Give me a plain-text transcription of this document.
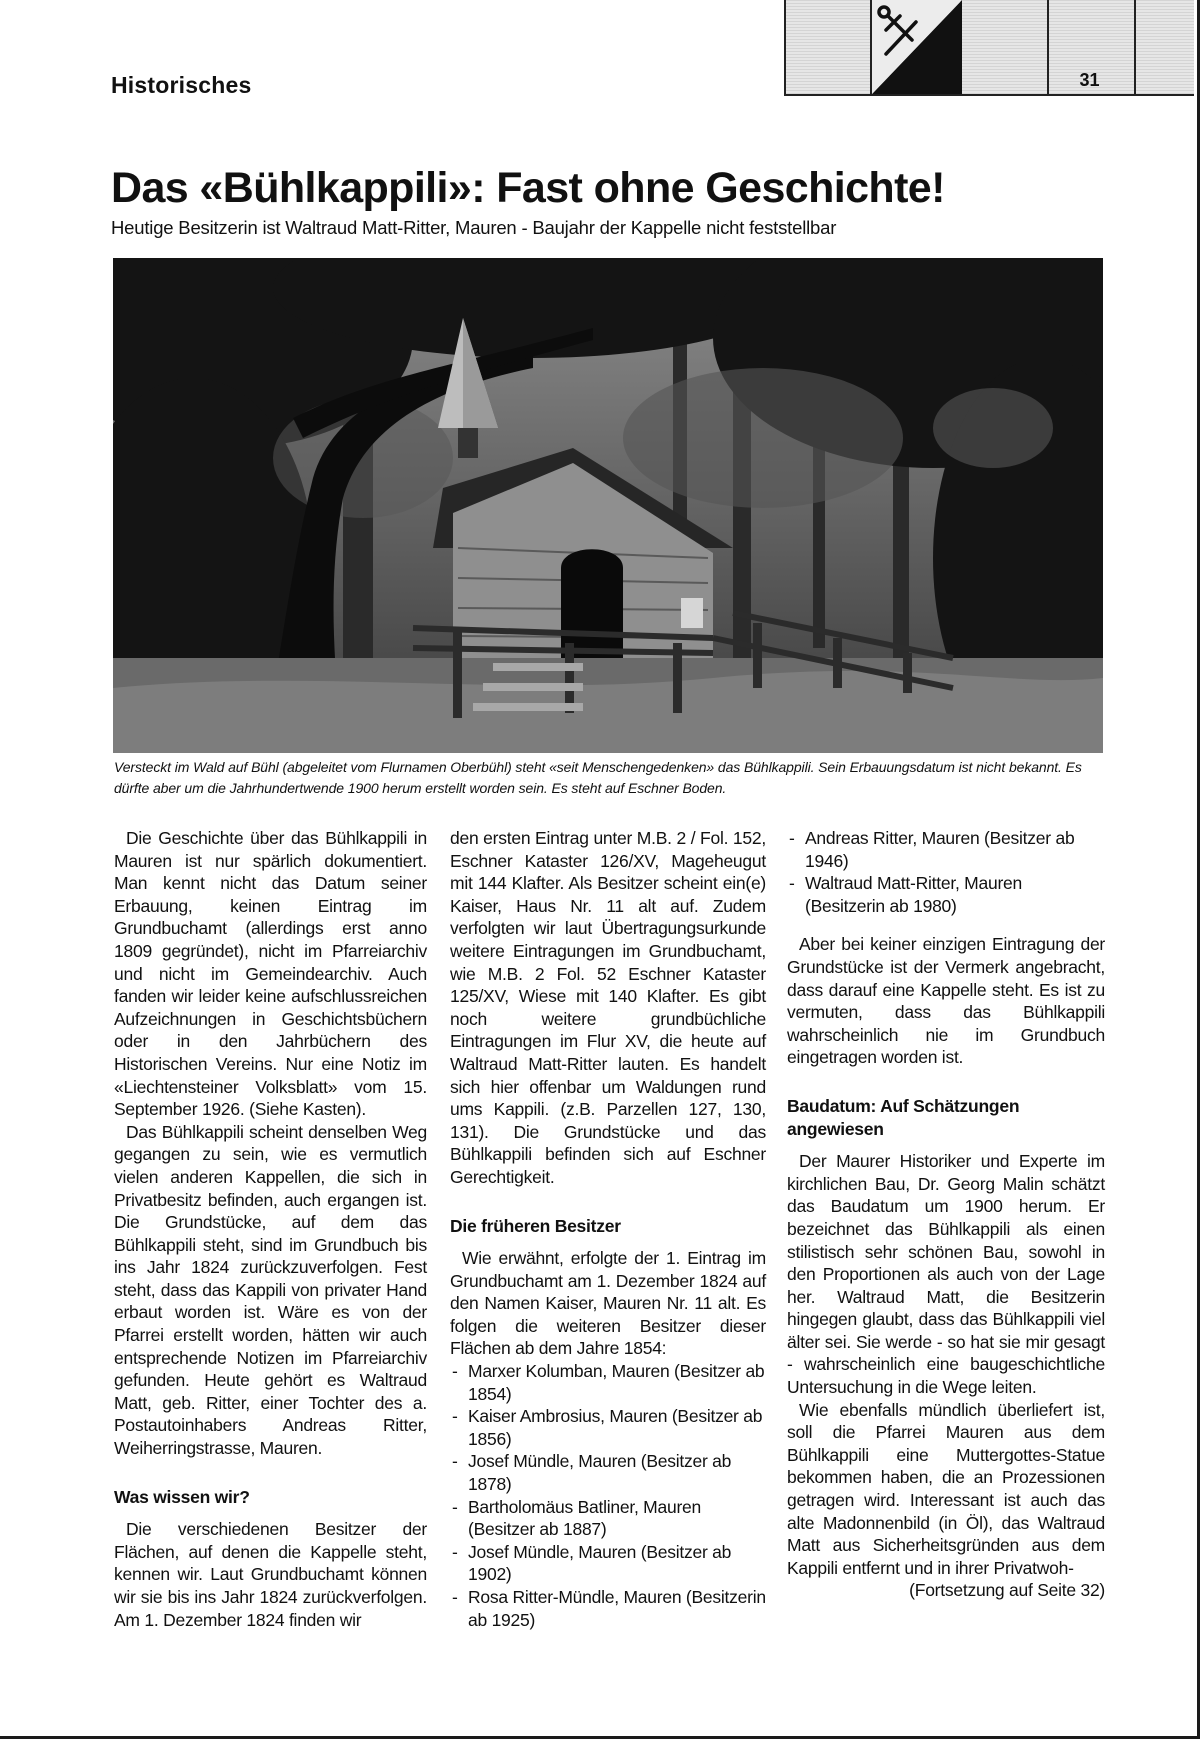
Historisches	31
Das «Bühlkappili»: Fast ohne Geschichte!
Heutige Besitzerin ist Waltraud Matt-Ritter, Mauren - Baujahr der Kappelle nicht feststellbar
Versteckt im Wald auf Bühl (abgeleitet vom Flurnamen Oberbühl) steht «seit Menschengedenken» das Bühlkappili. Sein Erbauungsdatum ist nicht bekannt. Es dürfte aber um die Jahrhundertwende 1900 herum erstellt worden sein. Es steht auf Eschner Boden.

Die Geschichte über das Bühlkappili in Mauren ist nur spärlich dokumentiert. Man kennt nicht das Datum seiner Erbauung, keinen Eintrag im Grundbuchamt (allerdings erst anno 1809 gegründet), nicht im Pfarreiarchiv und nicht im Gemeindearchiv. Auch fanden wir leider keine aufschlussreichen Aufzeichnungen in Geschichtsbüchern oder in den Jahrbüchern des Historischen Vereins. Nur eine Notiz im «Liechtensteiner Volksblatt» vom 15. September 1926. (Siehe Kasten).

Das Bühlkappili scheint denselben Weg gegangen zu sein, wie es vermutlich vielen anderen Kappellen, die sich in Privatbesitz befinden, auch ergangen ist. Die Grundstücke, auf dem das Bühlkappili steht, sind im Grundbuch bis ins Jahr 1824 zurückzuverfolgen. Fest steht, dass das Kappili von privater Hand erbaut worden ist. Wäre es von der Pfarrei erstellt worden, hätten wir auch entsprechende Notizen im Pfarreiarchiv gefunden. Heute gehört es Waltraud Matt, geb. Ritter, einer Tochter des a. Postautoinhabers Andreas Ritter, Weiherringstrasse, Mauren.

Was wissen wir?

Die verschiedenen Besitzer der Flächen, auf denen die Kappelle steht, kennen wir. Laut Grundbuchamt können wir sie bis ins Jahr 1824 zurückverfolgen. Am 1. Dezember 1824 finden wir

den ersten Eintrag unter M.B. 2 / Fol. 152, Eschner Kataster 126/XV, Mageheugut mit 144 Klafter. Als Besitzer scheint ein(e) Kaiser, Haus Nr. 11 alt auf. Zudem verfolgten wir laut Übertragungsurkunde weitere Eintragungen im Grundbuchamt, wie M.B. 2 Fol. 52 Eschner Kataster 125/XV, Wiese mit 140 Klafter. Es gibt noch weitere grundbüchliche Eintragungen im Flur XV, die heute auf Waltraud Matt-Ritter lauten. Es handelt sich hier offenbar um Waldungen rund ums Kappili. (z.B. Parzellen 127, 130, 131). Die Grundstücke und das Bühlkappili befinden sich auf Eschner Gerechtigkeit.

Die früheren Besitzer

Wie erwähnt, erfolgte der 1. Eintrag im Grundbuchamt am 1. Dezember 1824 auf den Namen Kaiser, Mauren Nr. 11 alt. Es folgen die weiteren Besitzer dieser Flächen ab dem Jahre 1854:

- Marxer Kolumban, Mauren (Besitzer ab 1854)
- Kaiser Ambrosius, Mauren (Besitzer ab 1856)
- Josef Mündle, Mauren (Besitzer ab 1878)
- Bartholomäus Batliner, Mauren (Besitzer ab 1887)
- Josef Mündle, Mauren (Besitzer ab 1902)
- Rosa Ritter-Mündle, Mauren (Besitzerin ab 1925)
- Andreas Ritter, Mauren (Besitzer ab 1946)
- Waltraud Matt-Ritter, Mauren (Besitzerin ab 1980)

Aber bei keiner einzigen Eintragung der Grundstücke ist der Vermerk angebracht, dass darauf eine Kappelle steht. Es ist zu vermuten, dass das Bühlkappili wahrscheinlich nie im Grundbuch eingetragen worden ist.

Baudatum: Auf Schätzungen angewiesen

Der Maurer Historiker und Experte im kirchlichen Bau, Dr. Georg Malin schätzt das Baudatum um 1900 herum. Er bezeichnet das Bühlkappili als einen stilistisch sehr schönen Bau, sowohl in den Proportionen als auch von der Lage her. Waltraud Matt, die Besitzerin hingegen glaubt, dass das Bühlkappili viel älter sei. Sie werde - so hat sie mir gesagt - wahrscheinlich eine baugeschichtliche Untersuchung in die Wege leiten.

Wie ebenfalls mündlich überliefert ist, soll die Pfarrei Mauren aus dem Bühlkappili eine Muttergottes-Statue bekommen haben, die an Prozessionen getragen wird. Interessant ist auch das alte Madonnenbild (in Öl), das Waltraud Matt aus Sicherheitsgründen aus dem Kappili entfernt und in ihrer Privatwoh-

(Fortsetzung auf Seite 32)
